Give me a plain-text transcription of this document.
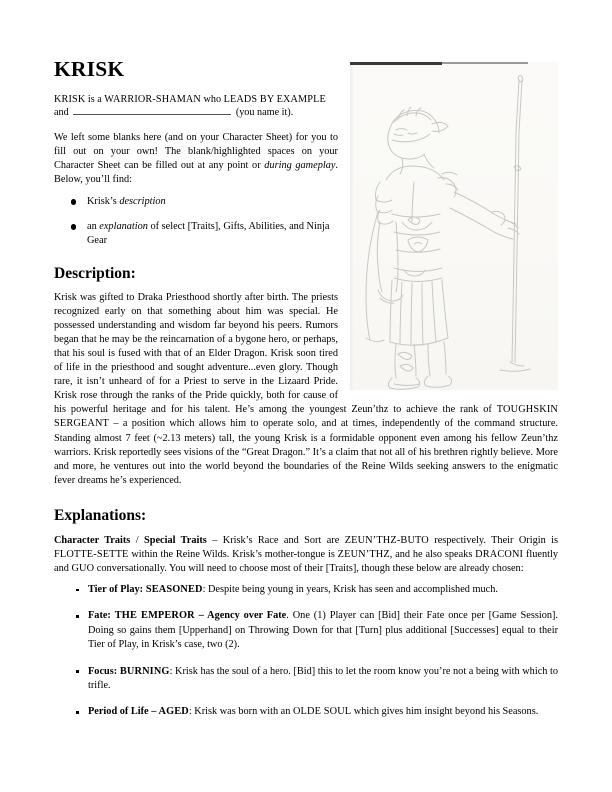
KRISK

KRISK is a WARRIOR-SHAMAN who LEADS BY EXAMPLE and	(you name it).

We left some blanks here (and on your Character Sheet) for you to fill out on your own! The blank/highlighted spaces on your Character Sheet can be filled out at any point or during gameplay. Below, you’ll find:

Krisk’s description
an explanation of select [Traits], Gifts, Abilities, and Ninja Gear
Description:

Krisk was gifted to Draka Priesthood shortly after birth. The priests recognized early on that something about him was special. He possessed understanding and wisdom far beyond his peers. Rumors began that he may be the reincarnation of a bygone hero, or perhaps, that his soul is fused with that of an Elder Dragon. Krisk soon tired of life in the priesthood and sought adventure...even glory. Though rare, it isn’t unheard of for a Priest to serve in the Lizaard Pride. Krisk rose through the ranks of the Pride quickly, both for cause of his powerful heritage and for his talent. He’s among the youngest Zeun’thz to achieve the rank of TOUGHSKIN SERGEANT – a position which allows him to operate solo, and at times, independently of the command structure. Standing almost 7 feet (~2.13 meters) tall, the young Krisk is a formidable opponent even among his fellow Zeun’thz warriors. Krisk reportedly sees visions of the “Great Dragon.” It’s a claim that not all of his brethren rightly believe. More and more, he ventures out into the world beyond the boundaries of the Reine Wilds seeking answers to the enigmatic fever dreams he’s experienced.

Explanations:

Character Traits / Special Traits – Krisk’s Race and Sort are ZEUN’THZ-BUTO respectively. Their Origin is FLOTTE-SETTE within the Reine Wilds. Krisk’s mother-tongue is ZEUN’THZ, and he also speaks DRACONI fluently and GUO conversationally. You will need to choose most of their [Traits], though these below are already chosen:

Tier of Play: SEASONED: Despite being young in years, Krisk has seen and accomplished much.
Fate: THE EMPEROR – Agency over Fate. One (1) Player can [Bid] their Fate once per [Game Session]. Doing so gains them [Upperhand] on Throwing Down for that [Turn] plus additional [Successes] equal to their Tier of Play, in Krisk’s case, two (2).
Focus: BURNING: Krisk has the soul of a hero. [Bid] this to let the room know you’re not a being with which to trifle.
Period of Life – AGED: Krisk was born with an OLDE SOUL which gives him insight beyond his Seasons.
